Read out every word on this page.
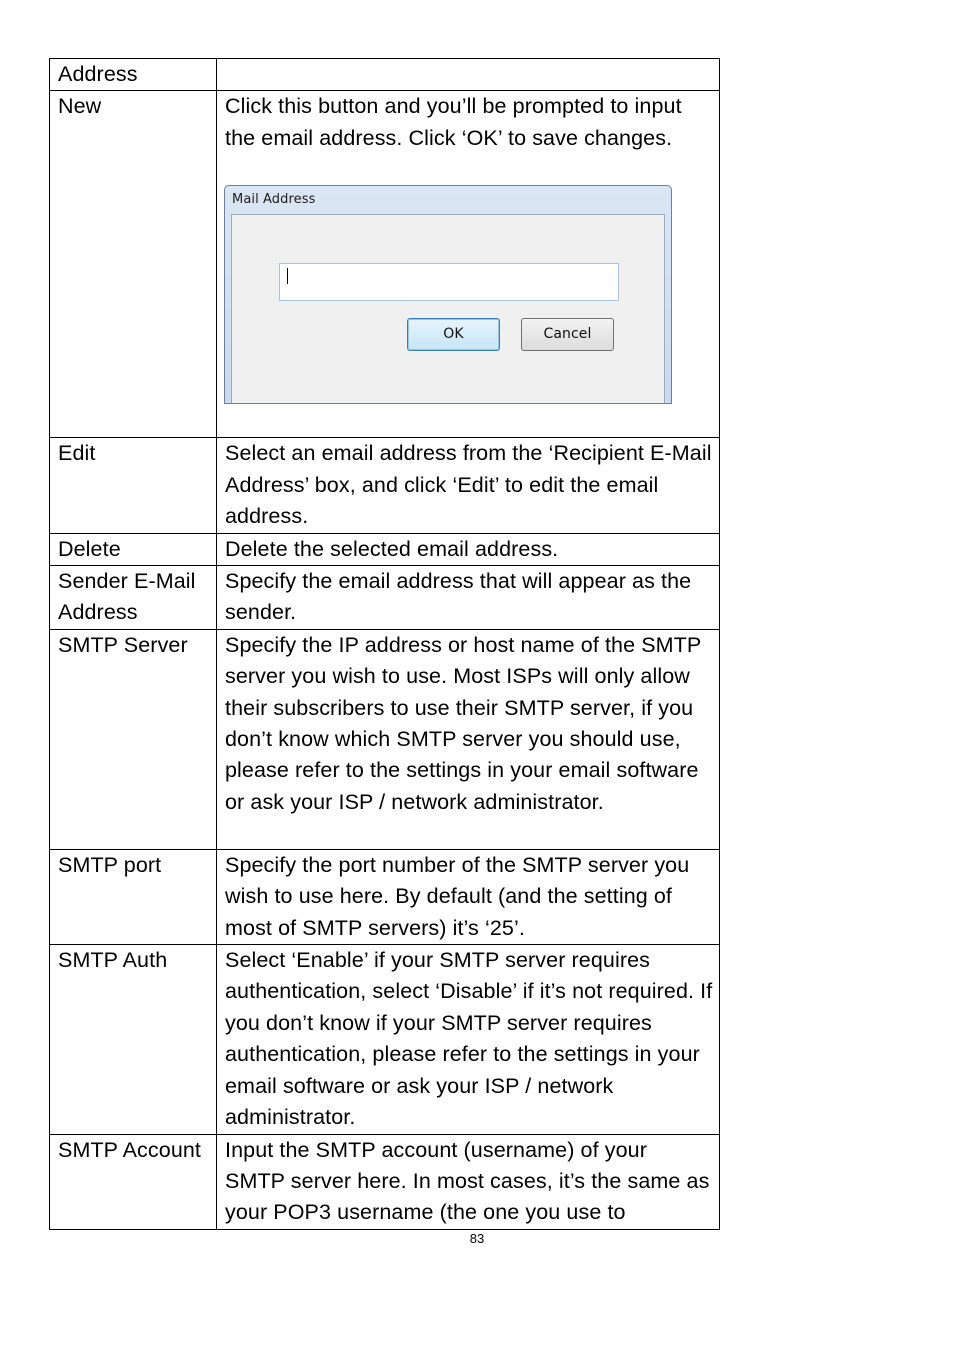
Address	
New	Click this button and you’ll be prompted to input the email address. Click ‘OK’ to save changes.
Mail Address
OK Cancel

Edit	Select an email address from the ‘Recipient E-Mail Address’ box, and click ‘Edit’ to edit the email address.
Delete	Delete the selected email address.
Sender E-Mail Address	Specify the email address that will appear as the sender.
SMTP Server	Specify the IP address or host name of the SMTP server you wish to use. Most ISPs will only allow their subscribers to use their SMTP server, if you don’t know which SMTP server you should use, please refer to the settings in your email software or ask your ISP / network administrator.
SMTP port	Specify the port number of the SMTP server you wish to use here. By default (and the setting of most of SMTP servers) it’s ‘25’.
SMTP Auth	Select ‘Enable’ if your SMTP server requires authentication, select ‘Disable’ if it’s not required. If you don’t know if your SMTP server requires authentication, please refer to the settings in your email software or ask your ISP / network administrator.
SMTP Account	Input the SMTP account (username) of your SMTP server here. In most cases, it’s the same as your POP3 username (the one you use to
83
